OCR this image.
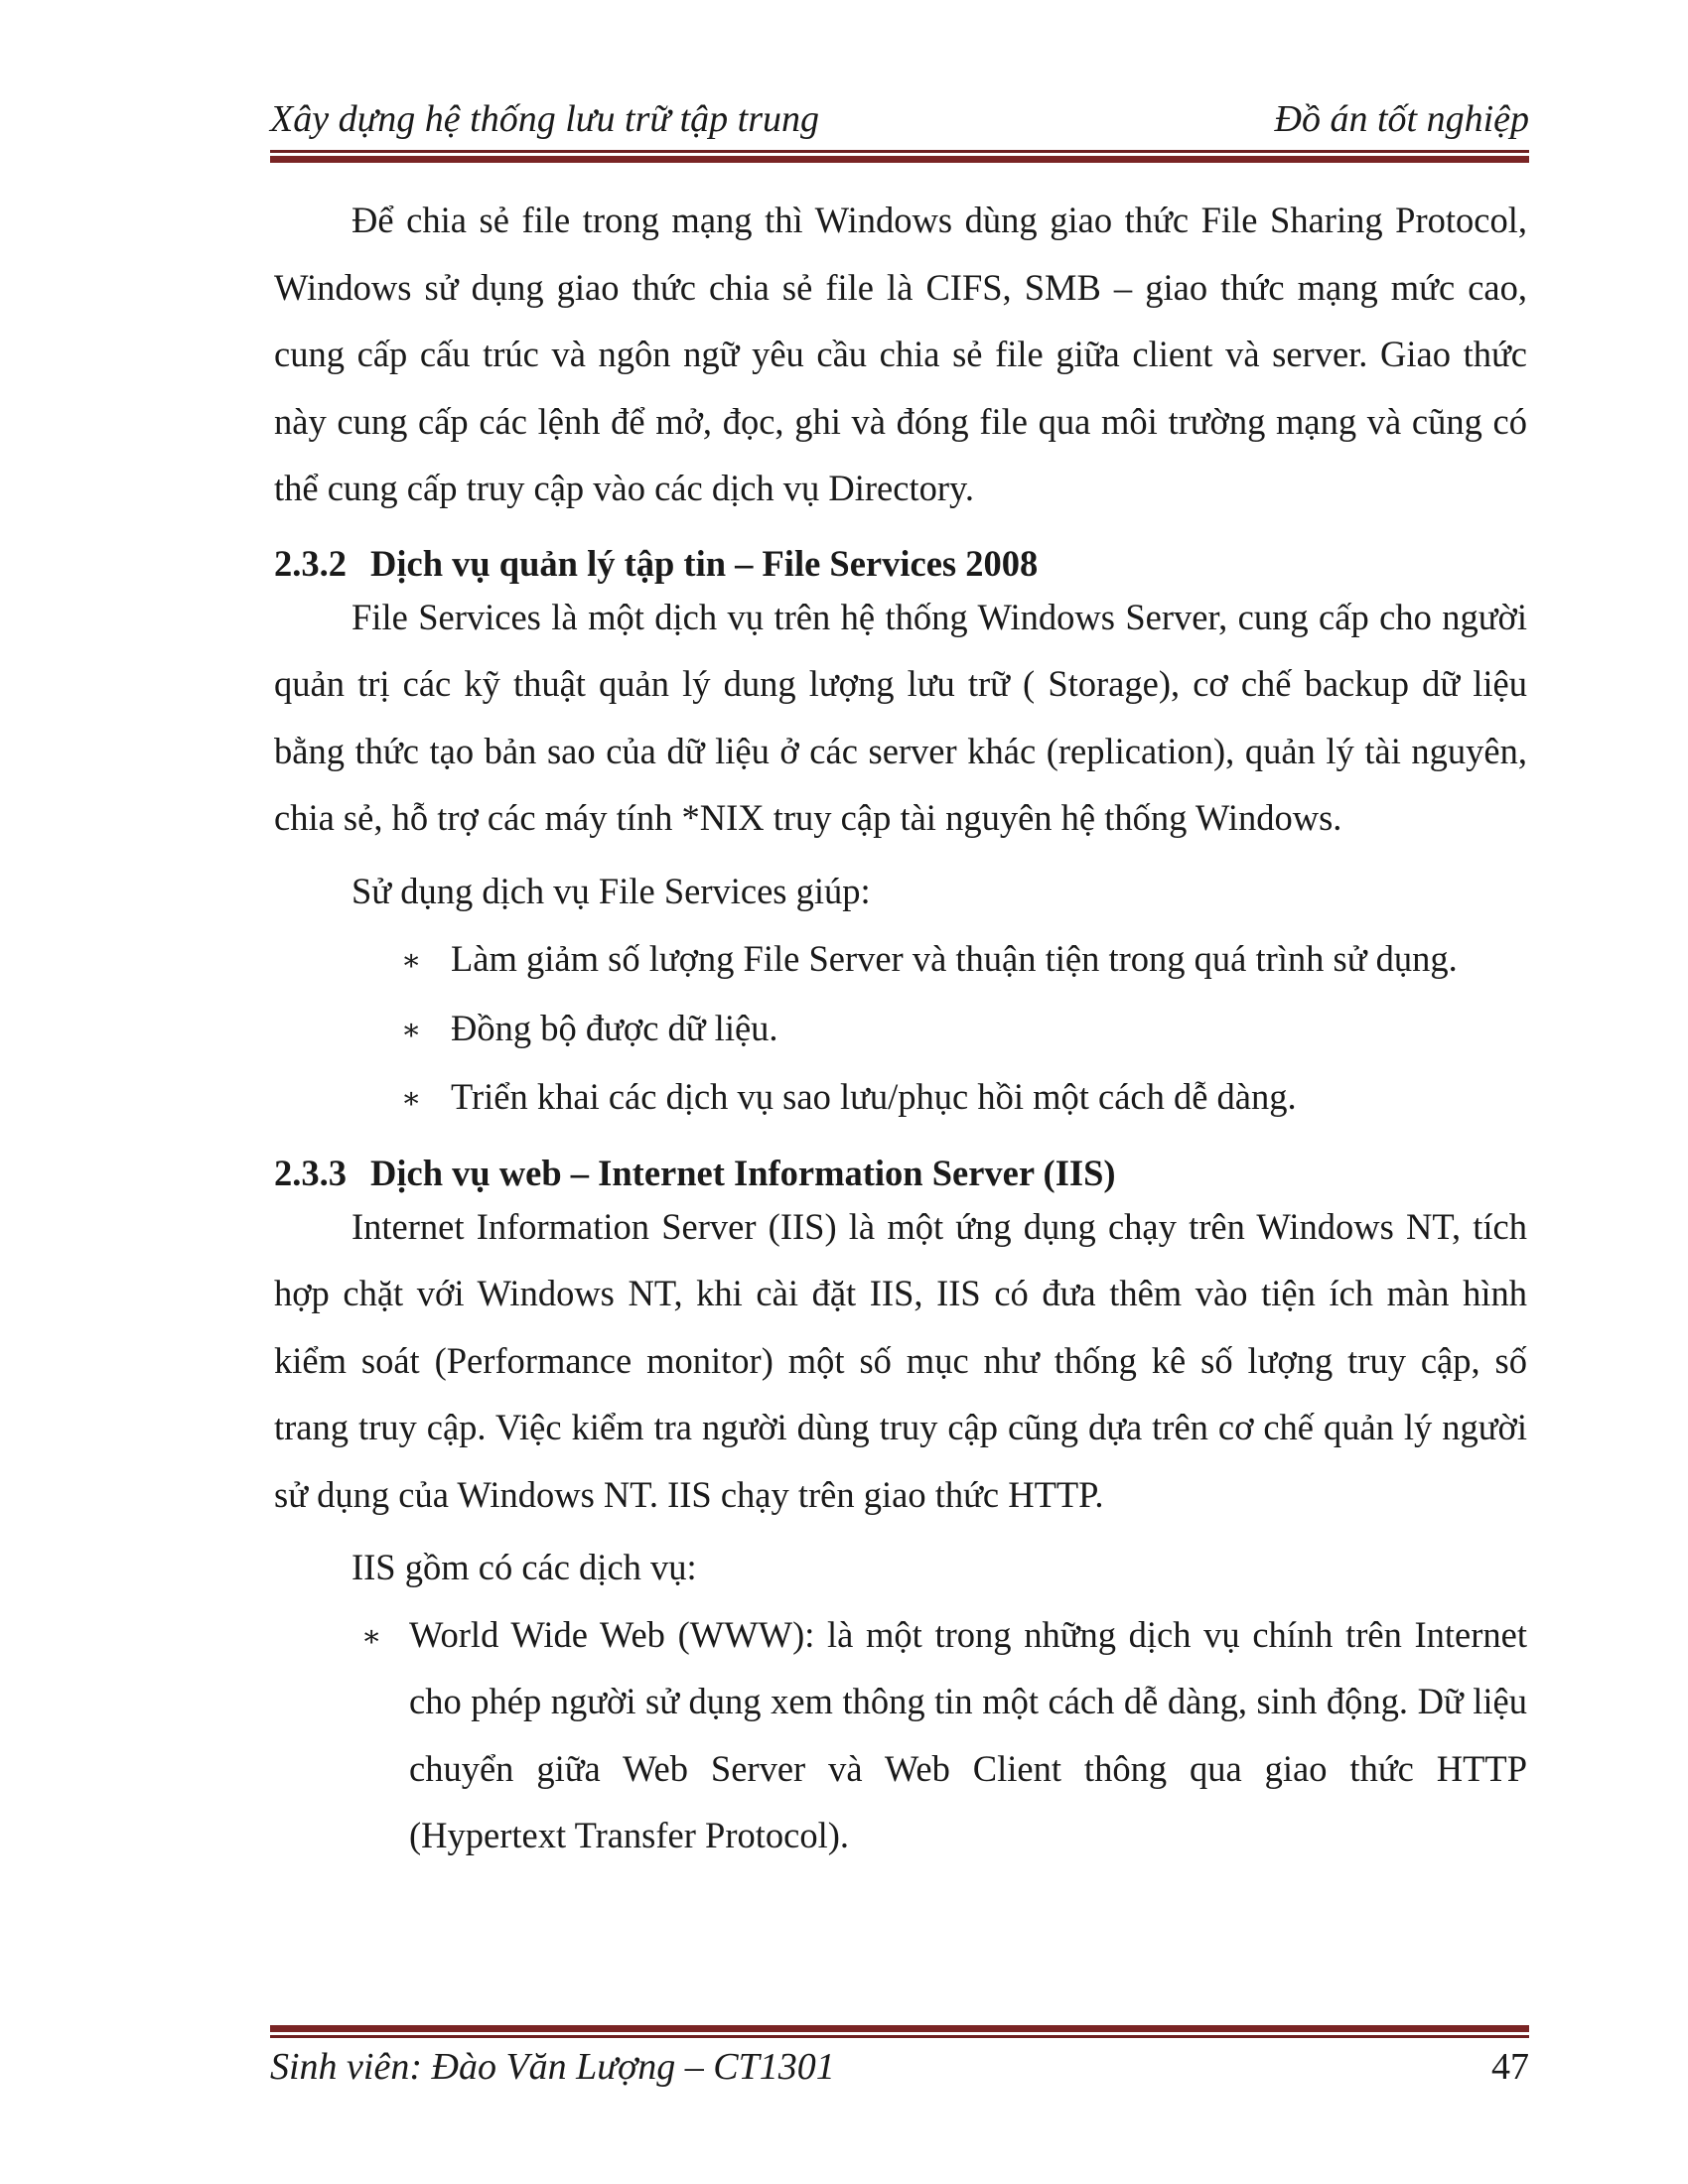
Xây dựng hệ thống lưu trữ tập trung	Đồ án tốt nghiệp

Để chia sẻ file trong mạng thì Windows dùng giao thức File Sharing Protocol, Windows sử dụng giao thức chia sẻ file là CIFS, SMB – giao thức mạng mức cao, cung cấp cấu trúc và ngôn ngữ yêu cầu chia sẻ file giữa client và server. Giao thức này cung cấp các lệnh để mở, đọc, ghi và đóng file qua môi trường mạng và cũng có thể cung cấp truy cập vào các dịch vụ Directory.

2.3.2 Dịch vụ quản lý tập tin – File Services 2008

File Services là một dịch vụ trên hệ thống Windows Server, cung cấp cho người quản trị các kỹ thuật quản lý dung lượng lưu trữ ( Storage), cơ chế backup dữ liệu bằng thức tạo bản sao của dữ liệu ở các server khác (replication), quản lý tài nguyên, chia sẻ, hỗ trợ các máy tính *NIX truy cập tài nguyên hệ thống Windows.

Sử dụng dịch vụ File Services giúp:

∗ Làm giảm số lượng File Server và thuận tiện trong quá trình sử dụng.
∗ Đồng bộ được dữ liệu.
∗ Triển khai các dịch vụ sao lưu/phục hồi một cách dễ dàng.
2.3.3 Dịch vụ web – Internet Information Server (IIS)

Internet Information Server (IIS) là một ứng dụng chạy trên Windows NT, tích hợp chặt với Windows NT, khi cài đặt IIS, IIS có đưa thêm vào tiện ích màn hình kiểm soát (Performance monitor) một số mục như thống kê số lượng truy cập, số trang truy cập. Việc kiểm tra người dùng truy cập cũng dựa trên cơ chế quản lý người sử dụng của Windows NT. IIS chạy trên giao thức HTTP.

IIS gồm có các dịch vụ:

∗ World Wide Web (WWW): là một trong những dịch vụ chính trên Internet cho phép người sử dụng xem thông tin một cách dễ dàng, sinh động. Dữ liệu chuyển giữa Web Server và Web Client thông qua giao thức HTTP (Hypertext Transfer Protocol).
Sinh viên: Đào Văn Lượng – CT1301	47
